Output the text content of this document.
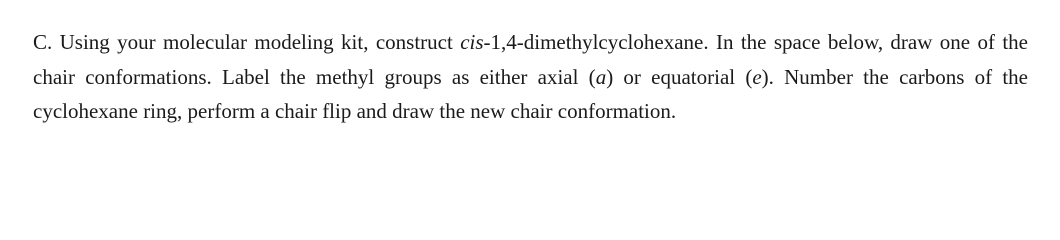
C. Using your molecular modeling kit, construct cis-1,4-dimethylcyclohexane. In the space below, draw one of the chair conformations. Label the methyl groups as either axial (a) or equatorial (e). Number the carbons of the cyclohexane ring, perform a chair flip and draw the new chair conformation.
